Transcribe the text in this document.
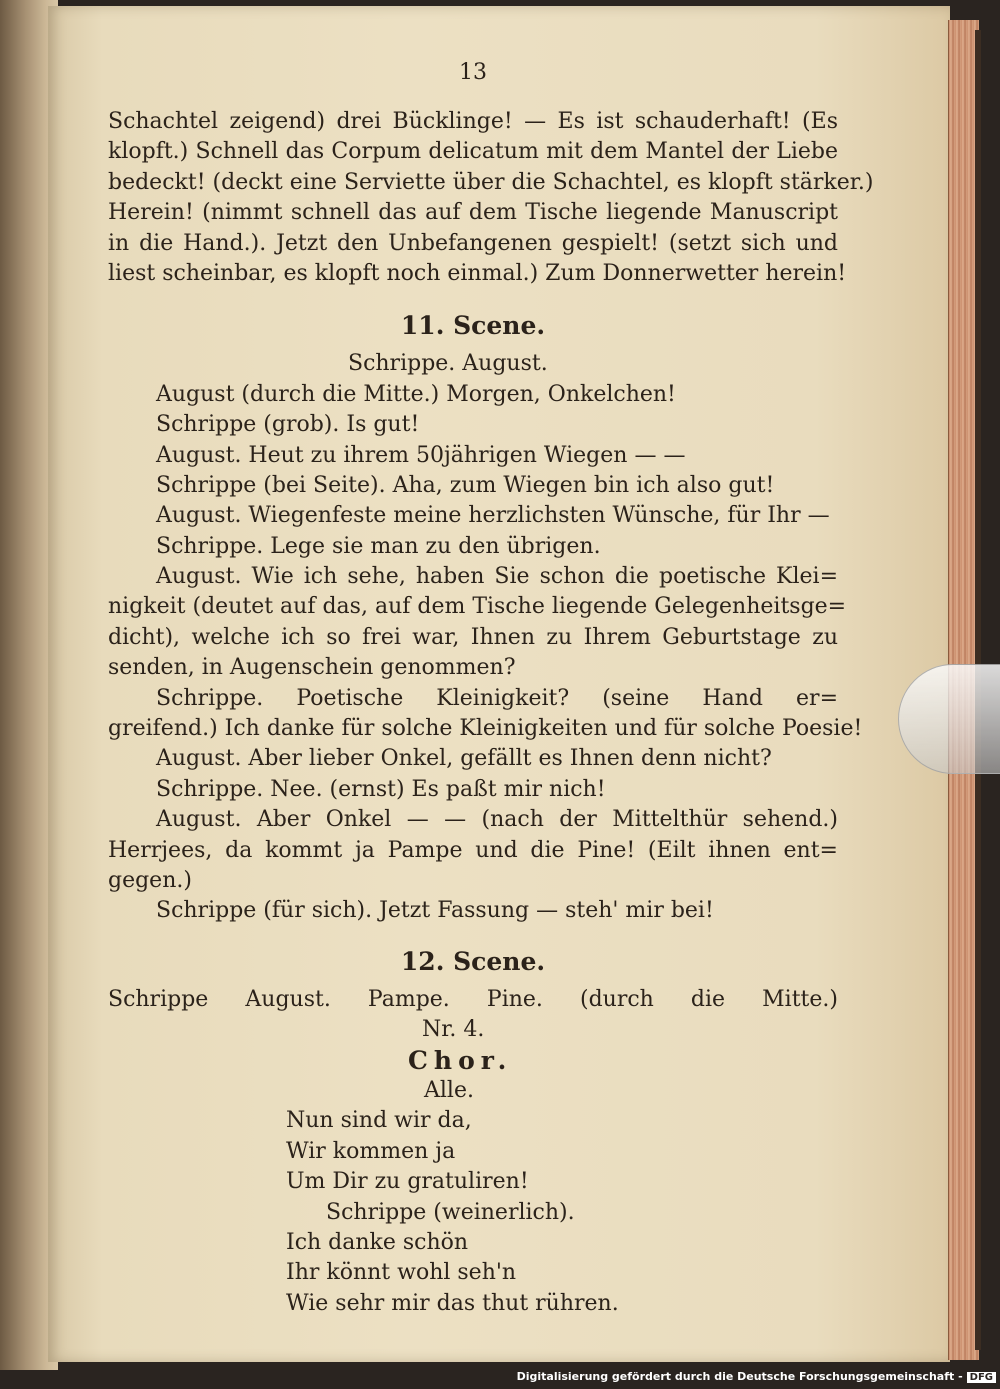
13
Schachtel zeigend) drei Bücklinge! — Es ist schauderhaft! (Es
klopft.) Schnell das Corpum delicatum mit dem Mantel der Liebe
bedeckt! (deckt eine Serviette über die Schachtel, es klopft stärker.)
Herein! (nimmt schnell das auf dem Tische liegende Manuscript
in die Hand.). Jetzt den Unbefangenen gespielt! (setzt sich und
liest scheinbar, es klopft noch einmal.) Zum Donnerwetter herein!
11. Scene.
Schrippe. August.
August (durch die Mitte.) Morgen, Onkelchen!
Schrippe (grob). Is gut!
August. Heut zu ihrem 50jährigen Wiegen — —
Schrippe (bei Seite). Aha, zum Wiegen bin ich also gut!
August. Wiegenfeste meine herzlichsten Wünsche, für Ihr —
Schrippe. Lege sie man zu den übrigen.
August. Wie ich sehe, haben Sie schon die poetische Klei=
nigkeit (deutet auf das, auf dem Tische liegende Gelegenheitsge=
dicht), welche ich so frei war, Ihnen zu Ihrem Geburtstage zu
senden, in Augenschein genommen?
Schrippe. Poetische Kleinigkeit? (seine Hand er=
greifend.) Ich danke für solche Kleinigkeiten und für solche Poesie!
August. Aber lieber Onkel, gefällt es Ihnen denn nicht?
Schrippe. Nee. (ernst) Es paßt mir nich!
August. Aber Onkel — — (nach der Mittelthür sehend.)
Herrjees, da kommt ja Pampe und die Pine! (Eilt ihnen ent=
gegen.)
Schrippe (für sich). Jetzt Fassung — steh' mir bei!
12. Scene.
Schrippe August. Pampe. Pine. (durch die Mitte.)
Nr. 4.
Chor.
Alle.
Nun sind wir da,
Wir kommen ja
Um Dir zu gratuliren!
Schrippe (weinerlich).
Ich danke schön
Ihr könnt wohl seh'n
Wie sehr mir das thut rühren.
Digitalisierung gefördert durch die Deutsche Forschungsgemeinschaft - DFG
